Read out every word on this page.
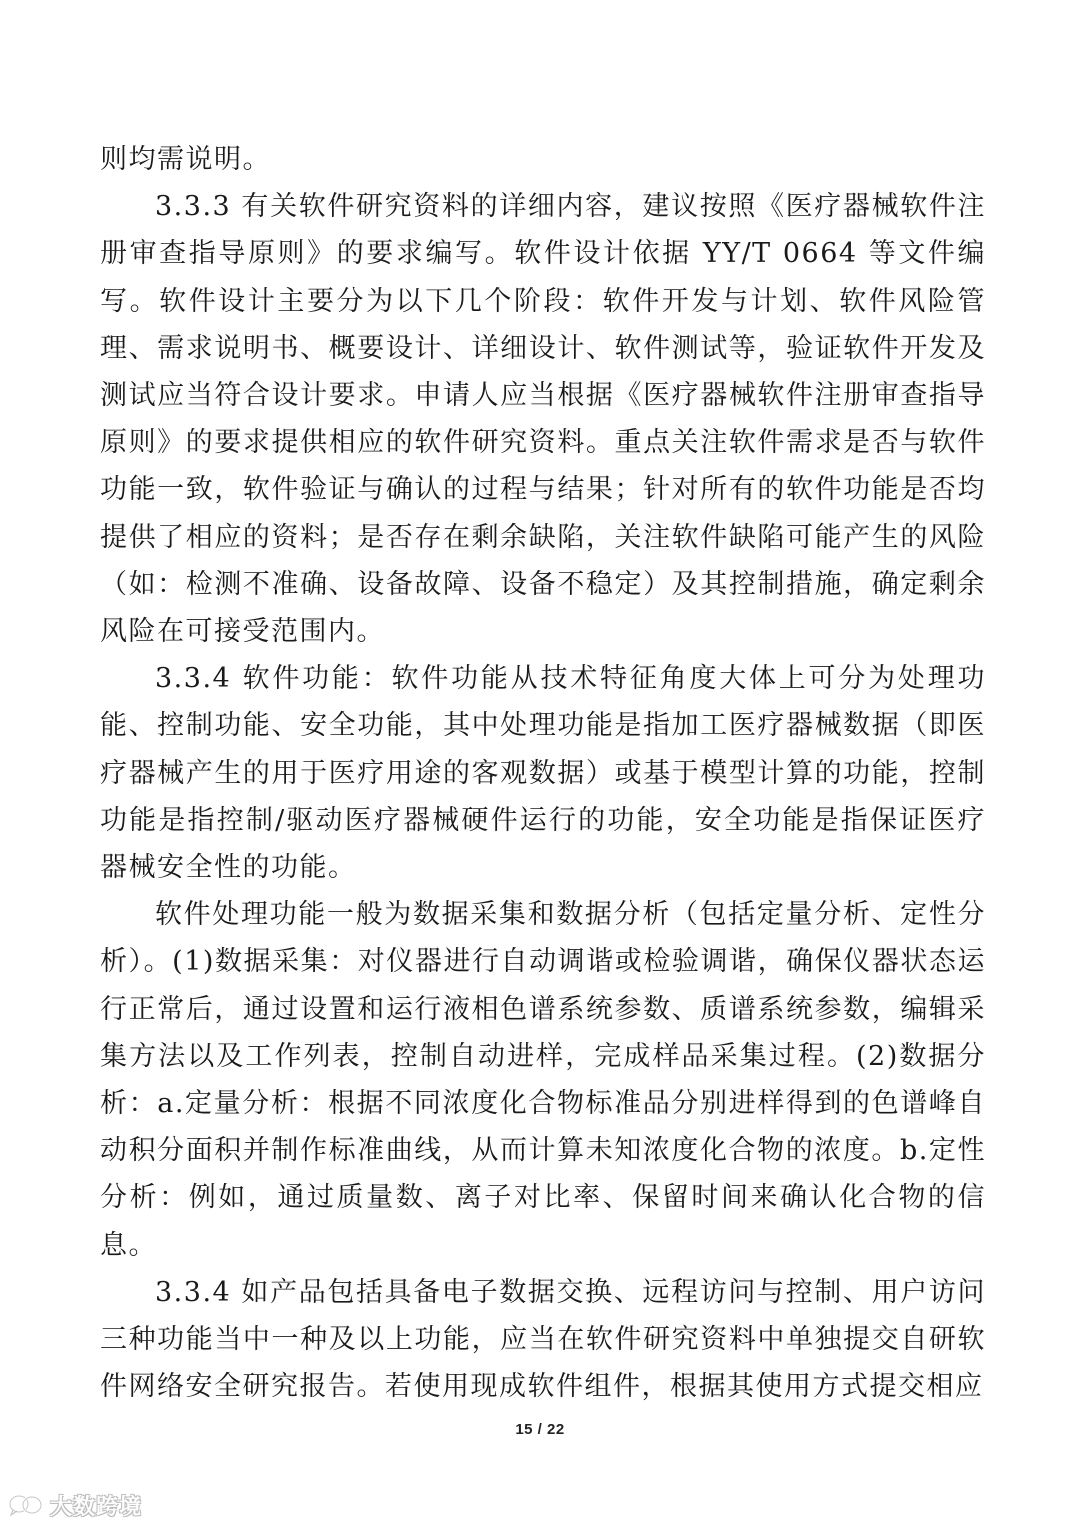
则均需说明。

3.3.3 有关软件研究资料的详细内容，建议按照《医疗器械软件注册审查指导原则》的要求编写。软件设计依据 YY/T 0664 等文件编写。软件设计主要分为以下几个阶段：软件开发与计划、软件风险管理、需求说明书、概要设计、详细设计、软件测试等，验证软件开发及测试应当符合设计要求。申请人应当根据《医疗器械软件注册审查指导原则》的要求提供相应的软件研究资料。重点关注软件需求是否与软件功能一致，软件验证与确认的过程与结果；针对所有的软件功能是否均提供了相应的资料；是否存在剩余缺陷，关注软件缺陷可能产生的风险（如：检测不准确、设备故障、设备不稳定）及其控制措施，确定剩余风险在可接受范围内。

3.3.4 软件功能：软件功能从技术特征角度大体上可分为处理功能、控制功能、安全功能，其中处理功能是指加工医疗器械数据（即医疗器械产生的用于医疗用途的客观数据）或基于模型计算的功能，控制功能是指控制/驱动医疗器械硬件运行的功能，安全功能是指保证医疗器械安全性的功能。

软件处理功能一般为数据采集和数据分析（包括定量分析、定性分析）。(1)数据采集：对仪器进行自动调谐或检验调谐，确保仪器状态运行正常后，通过设置和运行液相色谱系统参数、质谱系统参数，编辑采集方法以及工作列表，控制自动进样，完成样品采集过程。(2)数据分析：a.定量分析：根据不同浓度化合物标准品分别进样得到的色谱峰自动积分面积并制作标准曲线，从而计算未知浓度化合物的浓度。b.定性分析：例如，通过质量数、离子对比率、保留时间来确认化合物的信息。

3.3.4 如产品包括具备电子数据交换、远程访问与控制、用户访问三种功能当中一种及以上功能，应当在软件研究资料中单独提交自研软件网络安全研究报告。若使用现成软件组件，根据其使用方式提交相应

15 / 22
大数跨境
